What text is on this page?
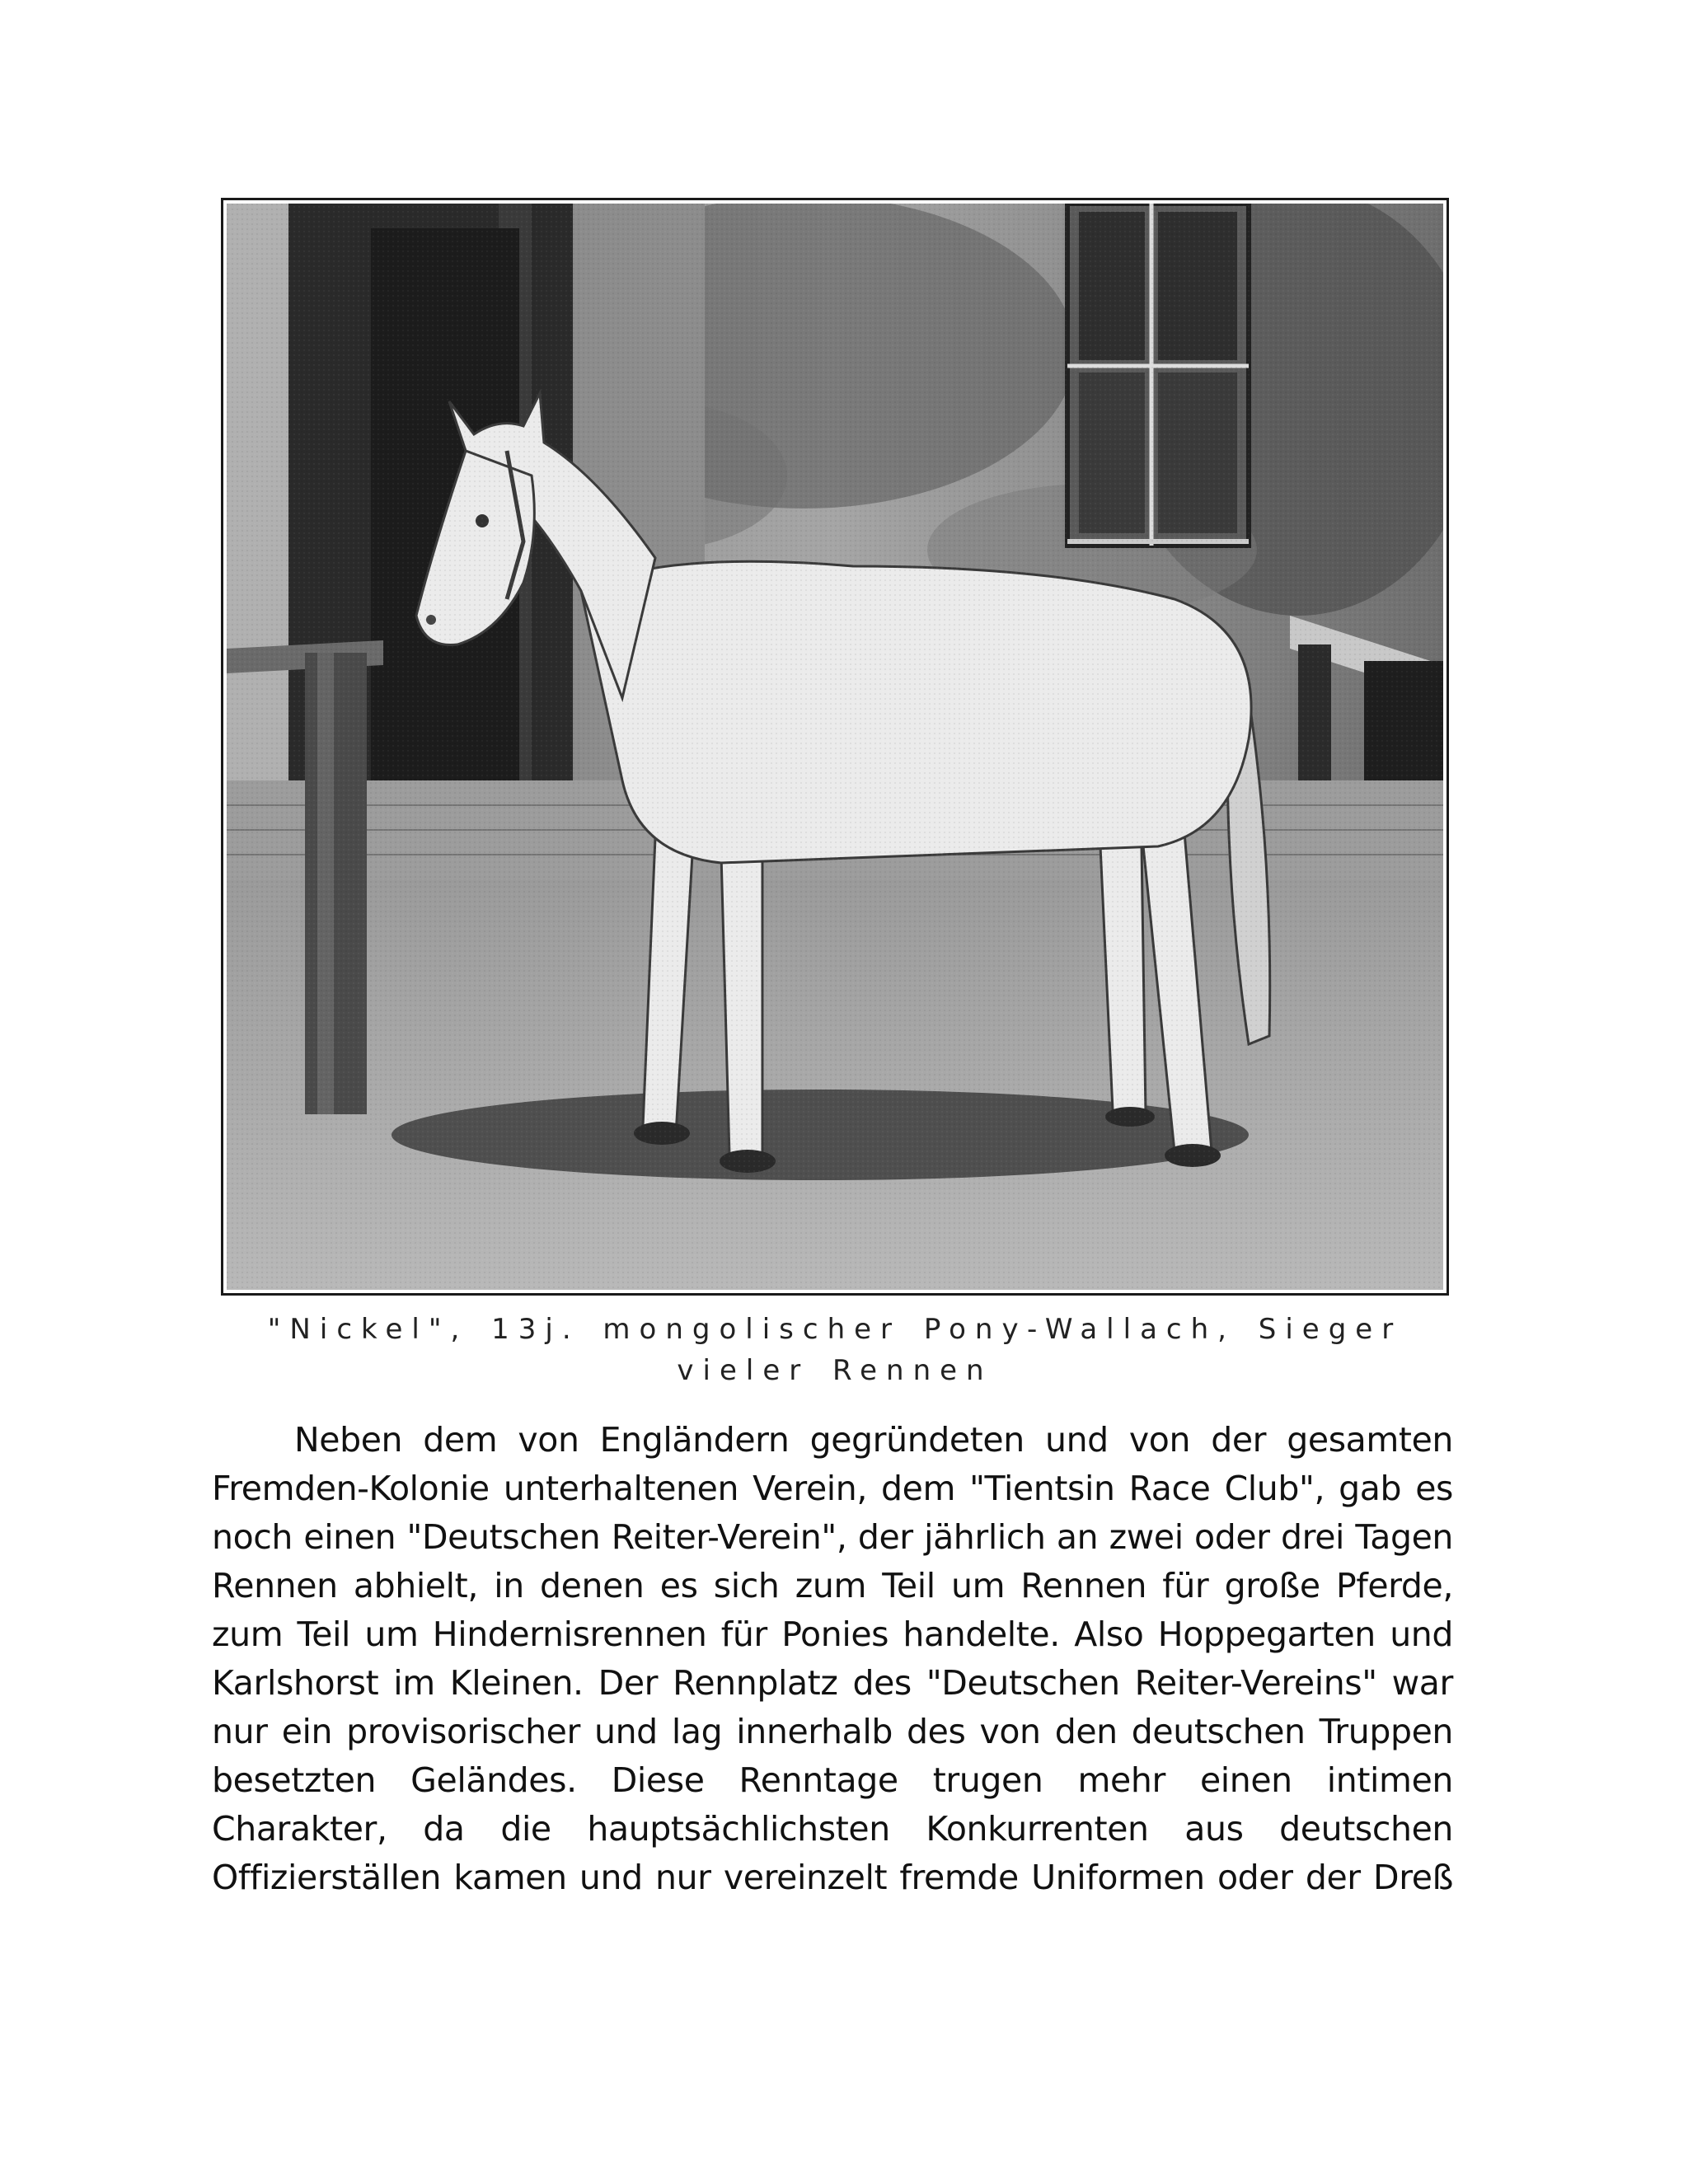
"Nickel", 13j. mongolischer Pony-Wallach, Sieger vieler Rennen

Neben dem von Engländern gegründeten und von der gesamten Fremden-Kolonie unterhaltenen Verein, dem "Tientsin Race Club", gab es noch einen "Deutschen Reiter-Verein", der jährlich an zwei oder drei Tagen Rennen abhielt, in denen es sich zum Teil um Rennen für große Pferde, zum Teil um Hindernisrennen für Ponies handelte. Also Hoppegarten und Karlshorst im Kleinen. Der Rennplatz des "Deutschen Reiter-Vereins" war nur ein provisorischer und lag innerhalb des von den deutschen Truppen besetzten Geländes. Diese Renntage trugen mehr einen intimen Charakter, da die hauptsächlichsten Konkurrenten aus deutschen Offizierställen kamen und nur vereinzelt fremde Uniformen oder der Dreß
